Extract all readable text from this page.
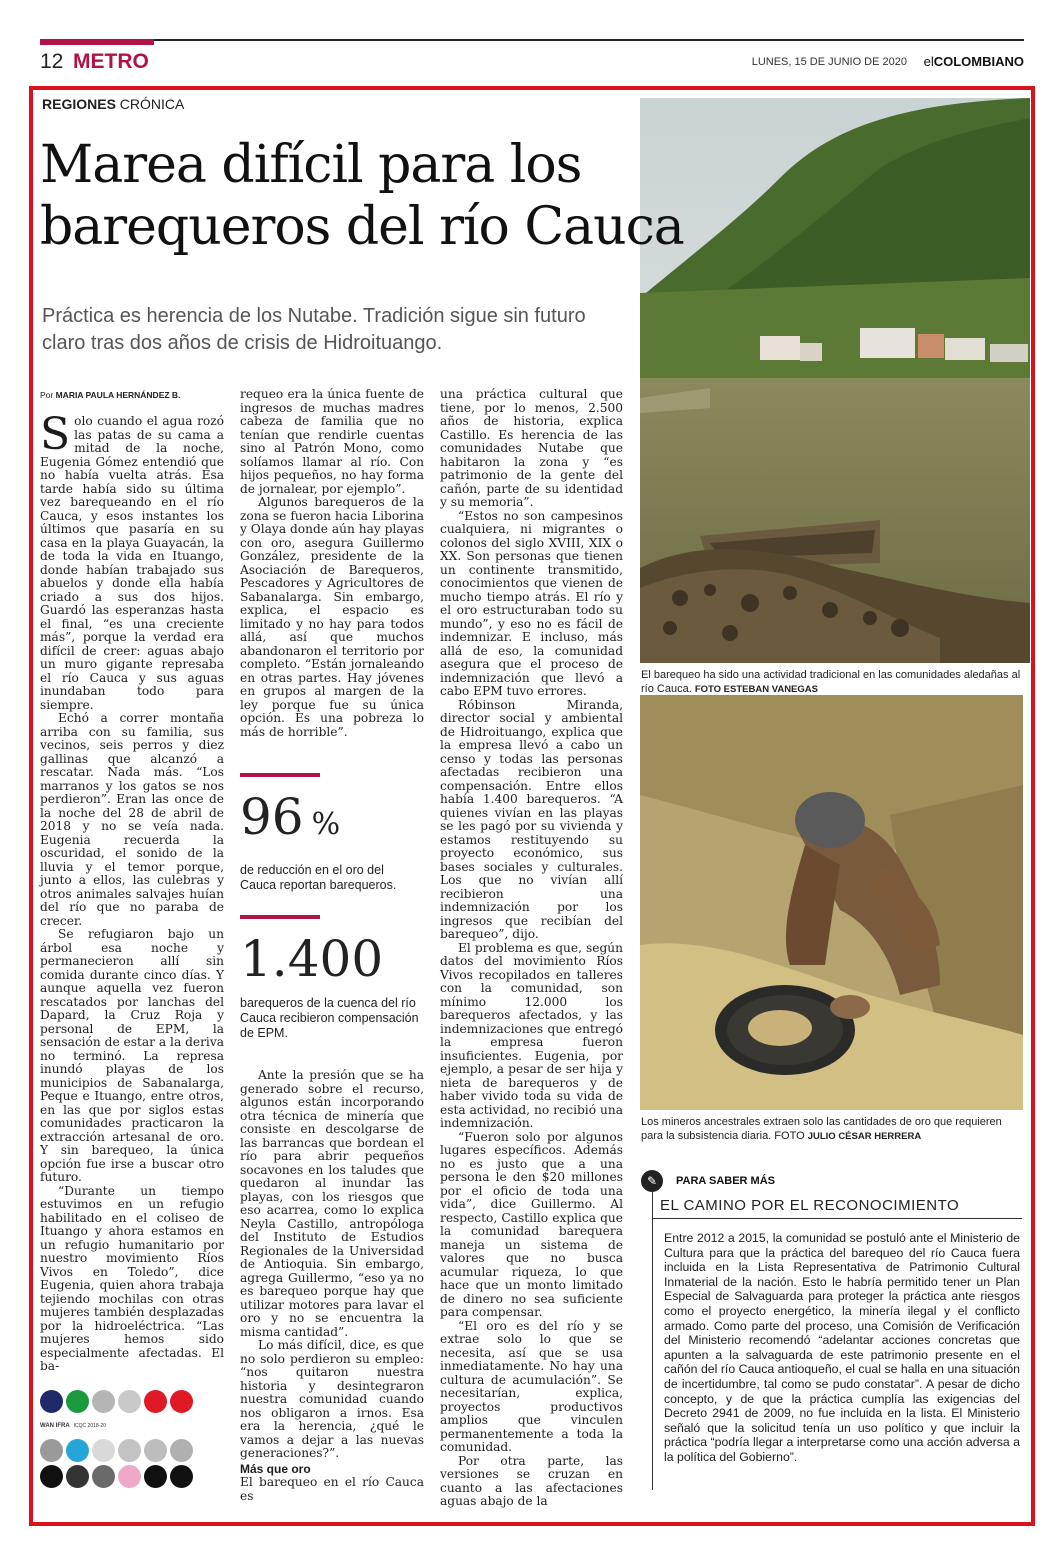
12 METRO	LUNES, 15 DE JUNIO DE 2020 elCOLOMBIANO
REGIONES CRÓNICA
El barequeo ha sido una actividad tradicional en las comunidades aledañas al río Cauca. FOTO ESTEBAN VANEGAS
Los mineros ancestrales extraen solo las cantidades de oro que requieren para la subsistencia diaria. FOTO JULIO CÉSAR HERRERA
Marea difícil para los
barequeros del río Cauca
Práctica es herencia de los Nutabe. Tradición sigue sin futuro claro tras dos años de crisis de Hidroituango.
Por MARIA PAULA HERNÁNDEZ B.

Solo cuando el agua rozó las patas de su cama a mitad de la noche, Eugenia Gómez entendió que no había vuelta atrás. Esa tarde había sido su última vez barequeando en el río Cauca, y esos instantes los últimos que pasaría en su casa en la playa Guayacán, la de toda la vida en Ituango, donde habían trabajado sus abuelos y donde ella había criado a sus dos hijos. Guardó las esperanzas hasta el final, “es una creciente más”, porque la verdad era difícil de creer: aguas abajo un muro gigante represaba el río Cauca y sus aguas inundaban todo para siempre.

Echó a correr montaña arriba con su familia, sus vecinos, seis perros y diez gallinas que alcanzó a rescatar. Nada más. “Los marranos y los gatos se nos perdieron”. Eran las once de la noche del 28 de abril de 2018 y no se veía nada. Eugenia recuerda la oscuridad, el sonido de la lluvia y el temor porque, junto a ellos, las culebras y otros animales salvajes huían del río que no paraba de crecer.

Se refugiaron bajo un árbol esa noche y permanecieron allí sin comida durante cinco días. Y aunque aquella vez fueron rescatados por lanchas del Dapard, la Cruz Roja y personal de EPM, la sensación de estar a la deriva no terminó. La represa inundó playas de los municipios de Sabanalarga, Peque e Ituango, entre otros, en las que por siglos estas comunidades practicaron la extracción artesanal de oro. Y sin barequeo, la única opción fue irse a buscar otro futuro.

“Durante un tiempo estuvimos en un refugio habilitado en el coliseo de Ituango y ahora estamos en un refugio humanitario por nuestro movimiento Ríos Vivos en Toledo”, dice Eugenia, quien ahora trabaja tejiendo mochilas con otras mujeres también desplazadas por la hidroeléctrica. “Las mujeres hemos sido especialmente afectadas. El ba-

requeo era la única fuente de ingresos de muchas madres cabeza de familia que no tenían que rendirle cuentas sino al Patrón Mono, como solíamos llamar al río. Con hijos pequeños, no hay forma de jornalear, por ejemplo”.

Algunos barequeros de la zona se fueron hacia Liborina y Olaya donde aún hay playas con oro, asegura Guillermo González, presidente de la Asociación de Barequeros, Pescadores y Agricultores de Sabanalarga. Sin embargo, explica, el espacio es limitado y no hay para todos allá, así que muchos abandonaron el territorio por completo. “Están jornaleando en otras partes. Hay jóvenes en grupos al margen de la ley porque fue su única opción. Es una pobreza lo más de horrible”.

96 %
de reducción en el oro del Cauca reportan barequeros.
1.400
barequeros de la cuenca del río Cauca recibieron compensación de EPM.

Ante la presión que se ha generado sobre el recurso, algunos están incorporando otra técnica de minería que consiste en descolgarse de las barrancas que bordean el río para abrir pequeños socavones en los taludes que quedaron al inundar las playas, con los riesgos que eso acarrea, como lo explica Neyla Castillo, antropóloga del Instituto de Estudios Regionales de la Universidad de Antioquia. Sin embargo, agrega Guillermo, “eso ya no es barequeo porque hay que utilizar motores para lavar el oro y no se encuentra la misma cantidad”.

Lo más difícil, dice, es que no solo perdieron su empleo: “nos quitaron nuestra historia y desintegraron nuestra comunidad cuando nos obligaron a irnos. Esa era la herencia, ¿qué le vamos a dejar a las nuevas generaciones?”.

Más que oro

El barequeo en el río Cauca es

una práctica cultural que tiene, por lo menos, 2.500 años de historia, explica Castillo. Es herencia de las comunidades Nutabe que habitaron la zona y “es patrimonio de la gente del cañón, parte de su identidad y su memoria”.

“Estos no son campesinos cualquiera, ni migrantes o colonos del siglo XVIII, XIX o XX. Son personas que tienen un continente transmitido, conocimientos que vienen de mucho tiempo atrás. El río y el oro estructuraban todo su mundo”, y eso no es fácil de indemnizar. E incluso, más allá de eso, la comunidad asegura que el proceso de indemnización que llevó a cabo EPM tuvo errores.

Róbinson Miranda, director social y ambiental de Hidroituango, explica que la empresa llevó a cabo un censo y todas las personas afectadas recibieron una compensación. Entre ellos había 1.400 barequeros. “A quienes vivían en las playas se les pagó por su vivienda y estamos restituyendo su proyecto económico, sus bases sociales y culturales. Los que no vivían allí recibieron una indemnización por los ingresos que recibían del barequeo”, dijo.

El problema es que, según datos del movimiento Ríos Vivos recopilados en talleres con la comunidad, son mínimo 12.000 los barequeros afectados, y las indemnizaciones que entregó la empresa fueron insuficientes. Eugenia, por ejemplo, a pesar de ser hija y nieta de barequeros y de haber vivido toda su vida de esta actividad, no recibió una indemnización.

“Fueron solo por algunos lugares específicos. Además no es justo que a una persona le den $20 millones por el oficio de toda una vida”, dice Guillermo. Al respecto, Castillo explica que la comunidad barequera maneja un sistema de valores que no busca acumular riqueza, lo que hace que un monto limitado de dinero no sea suficiente para compensar.

“El oro es del río y se extrae solo lo que se necesita, así que se usa inmediatamente. No hay una cultura de acumulación”. Se necesitarían, explica, proyectos productivos amplios que vinculen permanentemente a toda la comunidad.

Por otra parte, las versiones se cruzan en cuanto a las afectaciones aguas abajo de la

✎	PARA SABER MÁS
EL CAMINO POR EL RECONOCIMIENTO
Entre 2012 a 2015, la comunidad se postuló ante el Ministerio de Cultura para que la práctica del barequeo del río Cauca fuera incluida en la Lista Representativa de Patrimonio Cultural Inmaterial de la nación. Esto le habría permitido tener un Plan Especial de Salvaguarda para proteger la práctica ante riesgos como el proyecto energético, la minería ilegal y el conflicto armado. Como parte del proceso, una Comisión de Verificación del Ministerio recomendó “adelantar acciones concretas que apunten a la salvaguarda de este patrimonio presente en el cañón del río Cauca antioqueño, el cual se halla en una situación de incertidumbre, tal como se pudo constatar”. A pesar de dicho concepto, y de que la práctica cumplía las exigencias del Decreto 2941 de 2009, no fue incluida en la lista. El Ministerio señaló que la solicitud tenía un uso político y que incluir la práctica “podría llegar a interpretarse como una acción adversa a la política del Gobierno”.
WAN IFRA ICQC 2018-20
